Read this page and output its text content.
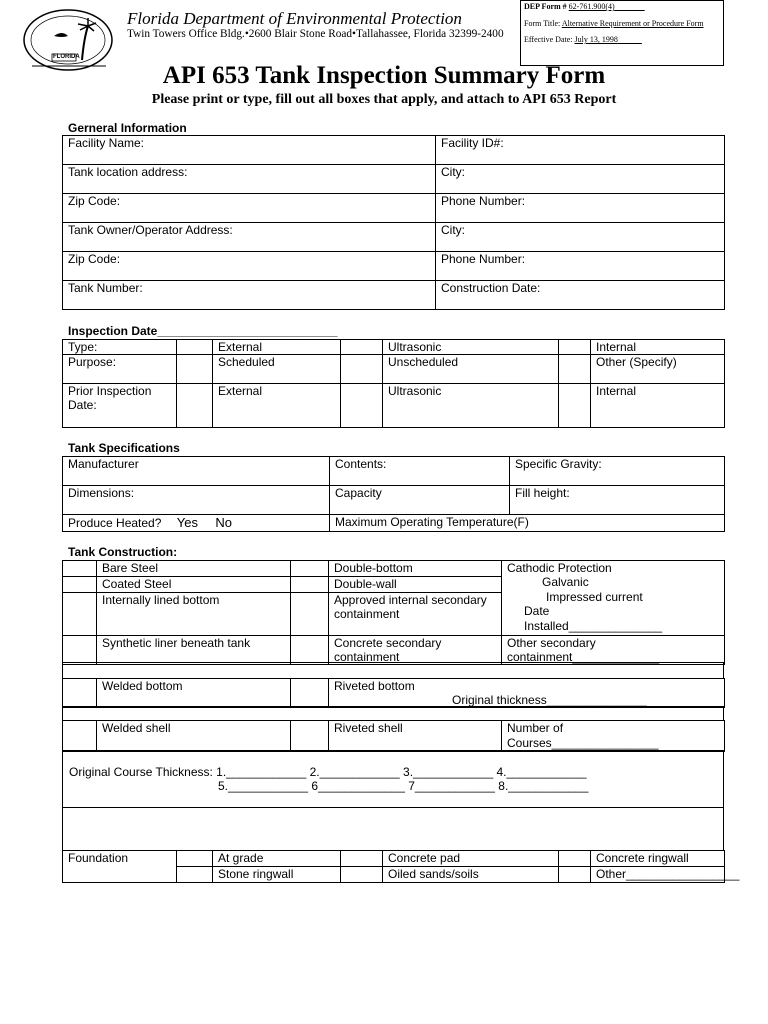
FLORIDA
Florida Department of Environmental Protection
Twin Towers Office Bldg.•2600 Blair Stone Road•Tallahassee, Florida 32399-2400
DEP Form # 62-761.900(4)
Form Title: Alternative Requirement or Procedure Form
Effective Date: July 13, 1998
API 653 Tank Inspection Summary Form
Please print or type, fill out all boxes that apply, and attach to API 653 Report
Gerneral Information
Facility Name:	Facility ID#:
Tank location address:	City:
Zip Code:	Phone Number:
Tank Owner/Operator Address:	City:
Zip Code:	Phone Number:
Tank Number:	Construction Date:
Inspection Date___________________________
Type:		External		Ultrasonic		Internal
Purpose:		Scheduled		Unscheduled		Other (Specify)
Prior Inspection Date:		External		Ultrasonic		Internal
Tank Specifications
Manufacturer	Contents:	Specific Gravity:
Dimensions:	Capacity	Fill height:
Produce Heated? Yes No	Maximum Operating Temperature(F)	
Tank Construction:
	Bare Steel		Double-bottom	Cathodic Protection
Galvanic
Impressed current
Date
Installed______________

	Coated Steel		Double-wall	
	Internally lined bottom		Approved internal secondary containment	
	Synthetic liner beneath tank		Concrete secondary containment	Other secondary containment_____________
	Welded bottom		Riveted bottom
Original thickness_______________
	Welded shell		Riveted shell	Number of
Courses________________
Original Course Thickness: 1.____________ 2.____________ 3.____________ 4.____________
5.____________ 6_____________ 7____________ 8.____________
Foundation		At grade		Concrete pad		Concrete ringwall
		Stone ringwall		Oiled sands/soils		Other_________________
